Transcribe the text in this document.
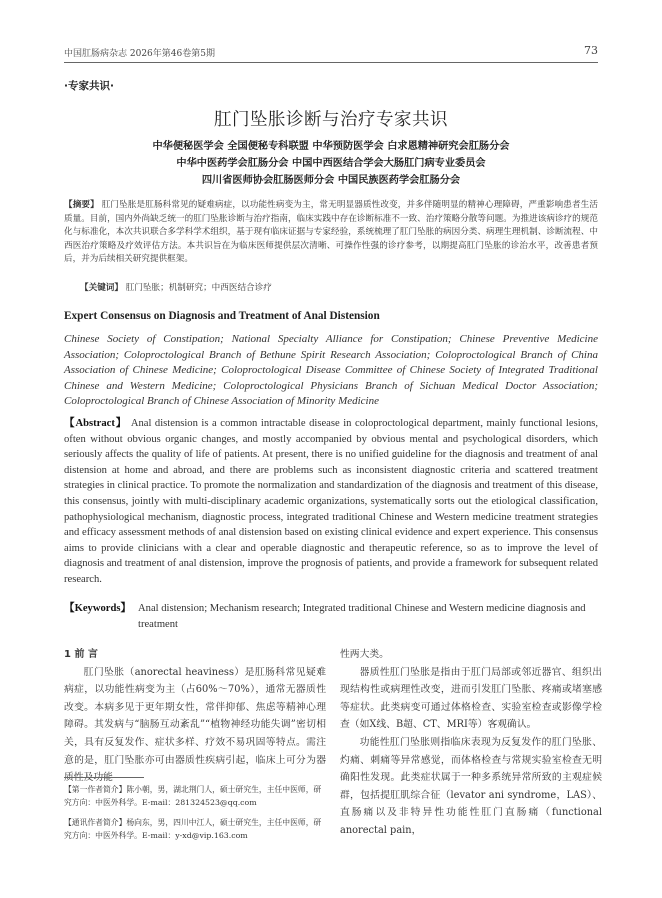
中国肛肠病杂志 2026年第46卷第5期	73
·专家共识·
肛门坠胀诊断与治疗专家共识
中华便秘医学会 全国便秘专科联盟 中华预防医学会 白求恩精神研究会肛肠分会
中华中医药学会肛肠分会 中国中西医结合学会大肠肛门病专业委员会
四川省医师协会肛肠医师分会 中国民族医药学会肛肠分会
【摘要】 肛门坠胀是肛肠科常见的疑难病症，以功能性病变为主，常无明显器质性改变，并多伴随明显的精神心理障碍，严重影响患者生活质量。目前，国内外尚缺乏统一的肛门坠胀诊断与治疗指南，临床实践中存在诊断标准不一致、治疗策略分散等问题。为推进该病诊疗的规范化与标准化，本次共识联合多学科学术组织，基于现有临床证据与专家经验，系统梳理了肛门坠胀的病因分类、病理生理机制、诊断流程、中西医治疗策略及疗效评估方法。本共识旨在为临床医师提供层次清晰、可操作性强的诊疗参考，以期提高肛门坠胀的诊治水平，改善患者预后，并为后续相关研究提供框架。
【关键词】 肛门坠胀；机制研究；中西医结合诊疗
Expert Consensus on Diagnosis and Treatment of Anal Distension
Chinese Society of Constipation; National Specialty Alliance for Constipation; Chinese Preventive Medicine Association; Coloproctological Branch of Bethune Spirit Research Association; Coloproctological Branch of China Association of Chinese Medicine; Coloproctological Disease Committee of Chinese Society of Integrated Traditional Chinese and Western Medicine; Coloproctological Physicians Branch of Sichuan Medical Doctor Association; Coloproctological Branch of Chinese Association of Minority Medicine
【Abstract】 Anal distension is a common intractable disease in coloproctological department, mainly functional lesions, often without obvious organic changes, and mostly accompanied by obvious mental and psychological disorders, which seriously affects the quality of life of patients. At present, there is no unified guideline for the diagnosis and treatment of anal distension at home and abroad, and there are problems such as inconsistent diagnostic criteria and scattered treatment strategies in clinical practice. To promote the normalization and standardization of the diagnosis and treatment of this disease, this consensus, jointly with multi-disciplinary academic organizations, systematically sorts out the etiological classification, pathophysiological mechanism, diagnostic process, integrated traditional Chinese and Western medicine treatment strategies and efficacy assessment methods of anal distension based on existing clinical evidence and expert experience. This consensus aims to provide clinicians with a clear and operable diagnostic and therapeutic reference, so as to improve the level of diagnosis and treatment of anal distension, improve the prognosis of patients, and provide a framework for subsequent related research.
【Keywords】 Anal distension; Mechanism research; Integrated traditional Chinese and Western medicine diagnosis and treatment
1 前 言

肛门坠胀（anorectal heaviness）是肛肠科常见疑难病症，以功能性病变为主（占60%～70%），通常无器质性改变。本病多见于更年期女性，常伴抑郁、焦虑等精神心理障碍。其发病与“脑肠互动紊乱”“植物神经功能失调”密切相关，具有反复发作、症状多样、疗效不易巩固等特点。需注意的是，肛门坠胀亦可由器质性疾病引起，临床上可分为器质性及功能

性两大类。

器质性肛门坠胀是指由于肛门局部或邻近器官、组织出现结构性或病理性改变，进而引发肛门坠胀、疼痛或堵塞感等症状。此类病变可通过体格检查、实验室检查或影像学检查（如X线、B超、CT、MRI等）客观确认。

功能性肛门坠胀则指临床表现为反复发作的肛门坠胀、灼痛、刺痛等异常感觉，而体格检查与常规实验室检查无明确阳性发现。此类症状属于一种多系统异常所致的主观症候群，包括提肛肌综合征（levator ani syndrome，LAS）、直肠痛以及非特异性功能性肛门直肠痛（functional anorectal pain，

【第一作者简介】陈小朝，男，湖北荆门人，硕士研究生，主任中医师，研究方向：中医外科学。E-mail：281324523@qq.com
【通讯作者简介】杨向东，男，四川中江人，硕士研究生，主任中医师，研究方向：中医外科学。E-mail：y-xd@vip.163.com
